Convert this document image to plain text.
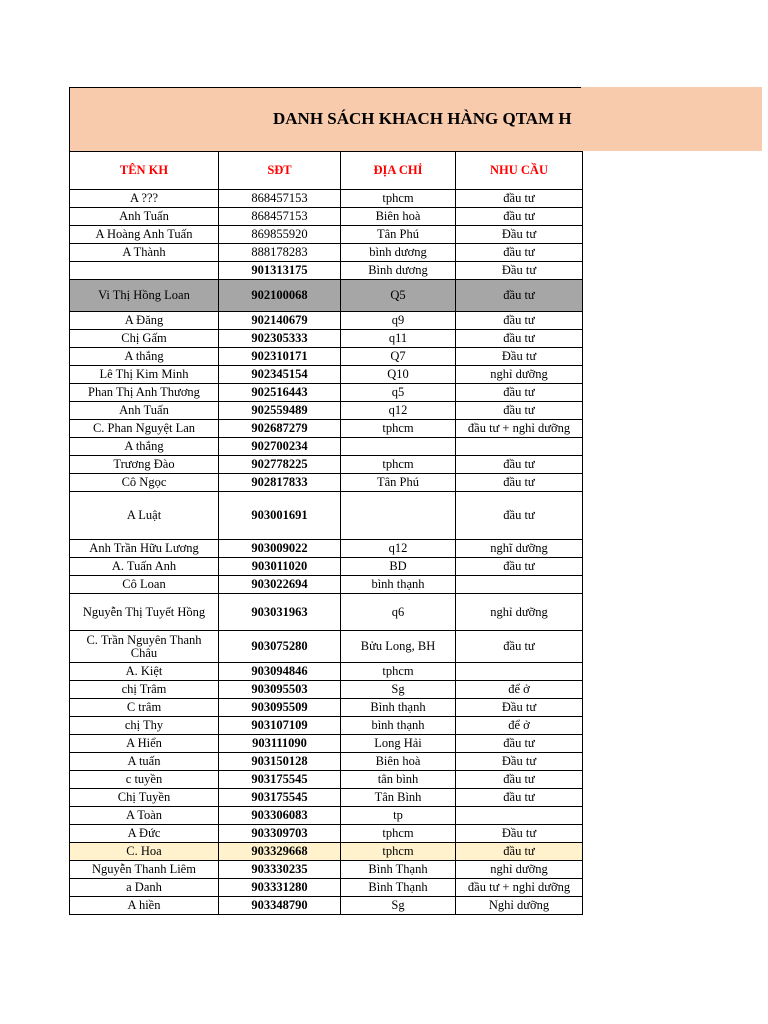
DANH SÁCH KHACH HÀNG QTAM H
TÊN KH	SĐT	ĐỊA CHỈ	NHU CẦU
A ???	868457153	tphcm	đầu tư
Anh Tuấn	868457153	Biên hoà	đầu tư
A Hoàng Anh Tuấn	869855920	Tân Phú	Đầu tư
A Thành	888178283	bình dương	đầu tư
	901313175	Bình dương	Đầu tư
Vi Thị Hồng Loan	902100068	Q5	đầu tư
A Đăng	902140679	q9	đầu tư
Chị Gấm	902305333	q11	đầu tư
A thắng	902310171	Q7	Đầu tư
Lê Thị Kim Minh	902345154	Q10	nghỉ dưỡng
Phan Thị Anh Thương	902516443	q5	đầu tư
Anh Tuấn	902559489	q12	đầu tư
C. Phan Nguyệt Lan	902687279	tphcm	đầu tư + nghỉ dưỡng
A thắng	902700234		
Trương Đào	902778225	tphcm	đầu tư
Cô Ngọc	902817833	Tân Phú	đầu tư
A Luật	903001691		đầu tư
Anh Trần Hữu Lương	903009022	q12	nghĩ dưỡng
A. Tuấn Anh	903011020	BD	đầu tư
Cô Loan	903022694	bình thạnh	
Nguyễn Thị Tuyết Hồng	903031963	q6	nghỉ dưỡng
C. Trần Nguyên Thanh Châu	903075280	Bửu Long, BH	đầu tư
A. Kiệt	903094846	tphcm	
chị Trâm	903095503	Sg	để ở
C trâm	903095509	Bình thạnh	Đầu tư
chị Thy	903107109	bình thạnh	để ở
A Hiển	903111090	Long Hải	đầu tư
A tuấn	903150128	Biên hoà	Đầu tư
c tuyền	903175545	tân bình	đầu tư
Chị Tuyền	903175545	Tân Bình	đầu tư
A Toàn	903306083	tp	
A Đức	903309703	tphcm	Đầu tư
C. Hoa	903329668	tphcm	đầu tư
Nguyễn Thanh Liêm	903330235	Bình Thạnh	nghỉ dưỡng
a Danh	903331280	Bình Thạnh	đầu tư + nghỉ dưỡng
A hiền	903348790	Sg	Nghỉ dưỡng
